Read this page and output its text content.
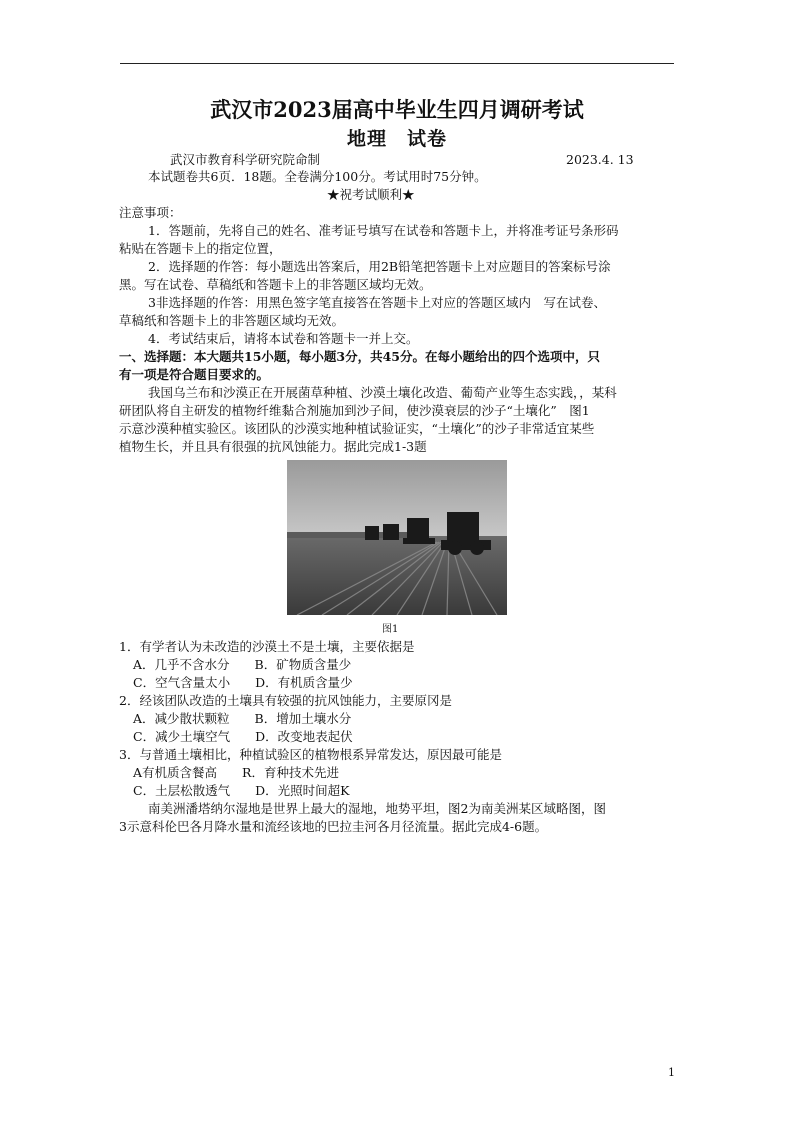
武汉市2023届高中毕业生四月调研考试
地理　试卷
武汉市教育科学研究院命制	2023.4. 13
本试题卷共6页．18题。全卷满分100分。考试用时75分钟。
★祝考试顺利★
注意事项：
1．答题前，先将自己的姓名、准考证号填写在试卷和答题卡上，并将准考证号条形码
粘贴在答题卡上的指定位置，
2．选择题的作答：每小题选出答案后，用2B铅笔把答题卡上对应题目的答案标号涂
黑。写在试卷、草稿纸和答题卡上的非答题区域均无效。
3非选择题的作答：用黑色签字笔直接答在答题卡上对应的答题区域内　写在试卷、
草稿纸和答题卡上的非答题区域均无效。
4．考试结束后，请将本试卷和答题卡一并上交。
一、选择题：本大题共15小题，每小题3分，共45分。在每小题给出的四个选项中，只
有一项是符合题目要求的。
我国乌兰布和沙漠正在开展菌草种植、沙漠土壤化改造、葡萄产业等生态实践，，某科
研团队将自主研发的植物纤维黏合剂施加到沙子间，使沙漠衰层的沙子“土壤化”　图1
示意沙漠种植实验区。该团队的沙漠实地种植试验证实，“土壤化”的沙子非常适宜某些
植物生长，并且具有很强的抗风蚀能力。据此完成1-3题
图1
1．有学者认为未改造的沙漠土不是土壤，主要依据是
A．几乎不含水分　　B．矿物质含量少
C．空气含量太小　　D．有机质含量少
2．经该团队改造的土壤具有较强的抗风蚀能力，主要原冈是
A．减少散状颗粒　　B．增加土壤水分
C．减少土壤空气　　D．改变地表起伏
3．与普通土壤相比，种植试验区的植物根系异常发达，原因最可能是
A有机质含餐高　　R．育种技术先进
C．土层松散透气　　D．光照时间超K
南美洲潘塔纳尔湿地是世界上最大的湿地，地势平坦，图2为南美洲某区域略图，图
3示意科伦巴各月降水量和流经该地的巴拉圭河各月径流量。据此完成4-6题。
1
